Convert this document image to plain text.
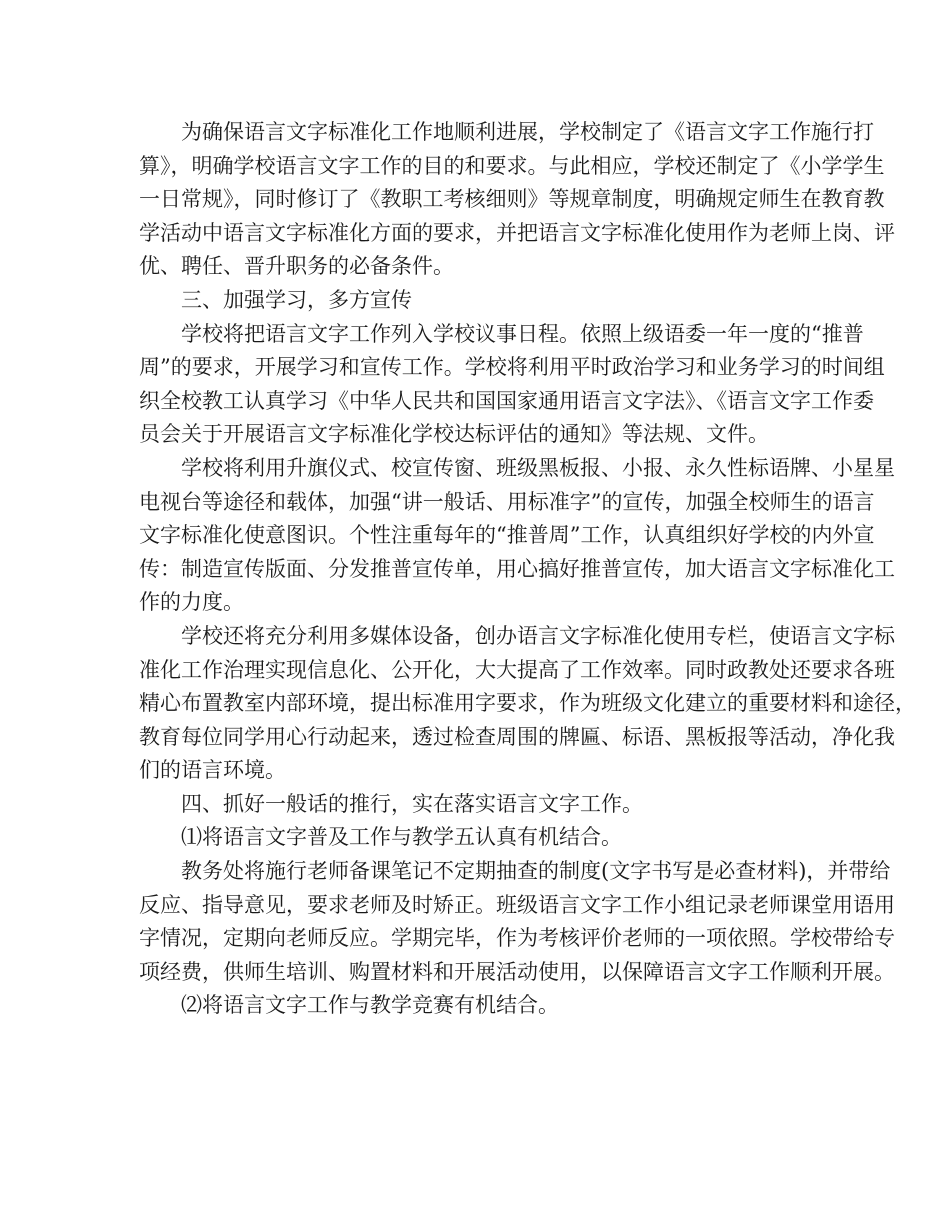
为确保语言文字标准化工作地顺利进展，学校制定了《语言文字工作施行打
算》，明确学校语言文字工作的目的和要求。与此相应，学校还制定了《小学学生
一日常规》，同时修订了《教职工考核细则》等规章制度，明确规定师生在教育教
学活动中语言文字标准化方面的要求，并把语言文字标准化使用作为老师上岗、评
优、聘任、晋升职务的必备条件。

三、加强学习，多方宣传

学校将把语言文字工作列入学校议事日程。依照上级语委一年一度的“推普
周”的要求，开展学习和宣传工作。学校将利用平时政治学习和业务学习的时间组
织全校教工认真学习《中华人民共和国国家通用语言文字法》、《语言文字工作委
员会关于开展语言文字标准化学校达标评估的通知》等法规、文件。
学校将利用升旗仪式、校宣传窗、班级黑板报、小报、永久性标语牌、小星星
电视台等途径和载体，加强“讲一般话、用标准字”的宣传，加强全校师生的语言
文字标准化使意图识。个性注重每年的“推普周”工作，认真组织好学校的内外宣
传：制造宣传版面、分发推普宣传单，用心搞好推普宣传，加大语言文字标准化工
作的力度。
学校还将充分利用多媒体设备，创办语言文字标准化使用专栏，使语言文字标
准化工作治理实现信息化、公开化，大大提高了工作效率。同时政教处还要求各班
精心布置教室内部环境，提出标准用字要求，作为班级文化建立的重要材料和途径，
教育每位同学用心行动起来，透过检查周围的牌匾、标语、黑板报等活动，净化我
们的语言环境。

四、抓好一般话的推行，实在落实语言文字工作。

⑴将语言文字普及工作与教学五认真有机结合。

教务处将施行老师备课笔记不定期抽查的制度(文字书写是必查材料)，并带给
反应、指导意见，要求老师及时矫正。班级语言文字工作小组记录老师课堂用语用
字情况，定期向老师反应。学期完毕，作为考核评价老师的一项依照。学校带给专
项经费，供师生培训、购置材料和开展活动使用，以保障语言文字工作顺利开展。

⑵将语言文字工作与教学竞赛有机结合。
